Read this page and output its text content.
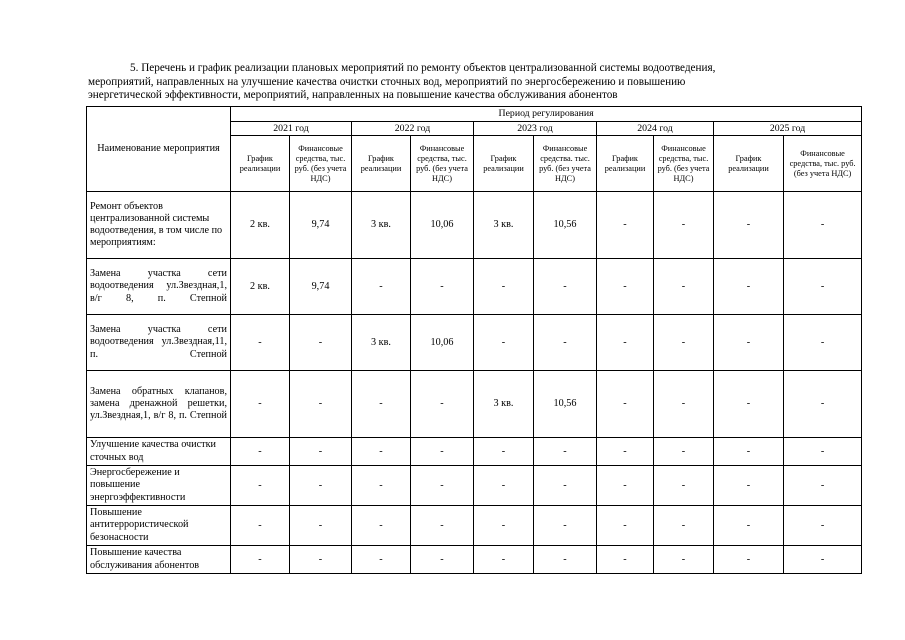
5. Перечень и график реализации плановых мероприятий по ремонту объектов централизованной системы водоотведения,
мероприятий, направленных на улучшение качества очистки сточных вод, мероприятий по энергосбережению и повышению
энергетической эффективности, мероприятий, направленных на повышение качества обслуживания абонентов
Наименование мероприятия	Период регулирования									
	2021 год		2022 год		2023 год		2024 год		2025 год	
	График реализации	Финансовые средства, тыс. руб. (без учета НДС)	График реализации	Финансовые средства, тыс. руб. (без учета НДС)	График реализации	Финансовые средства. тыс. руб. (без учета НДС)	График реализации	Финансовые средства, тыс. руб. (без учета НДС)	График реализации	Финансовые средства, тыс. руб. (без учета НДС)
Ремонт объектов централизованной системы водоотведения, в том числе по мероприятиям:	2 кв.	9,74	3 кв.	10,06	3 кв.	10,56	-	-	-	-
Замена участка сети водоотведения ул.Звездная,1, в/г 8, п. Степной	2 кв.	9,74	-	-	-	-	-	-	-	-
Замена участка сети водоотведения ул.Звездная,11, п. Степной	-	-	3 кв.	10,06	-	-	-	-	-	-
Замена обратных клапанов, замена дренажной решетки, ул.Звездная,1, в/г 8, п. Степной	-	-	-	-	3 кв.	10,56	-	-	-	-
Улучшение качества очистки сточных вод	-	-	-	-	-	-	-	-	-	-
Энергосбережение и повышение энергоэффективности	-	-	-	-	-	-	-	-	-	-
Повышение антитеррористической безонасности	-	-	-	-	-	-	-	-	-	-
Повышение качества обслуживания абонентов	-	-	-	-	-	-	-	-	-	-
